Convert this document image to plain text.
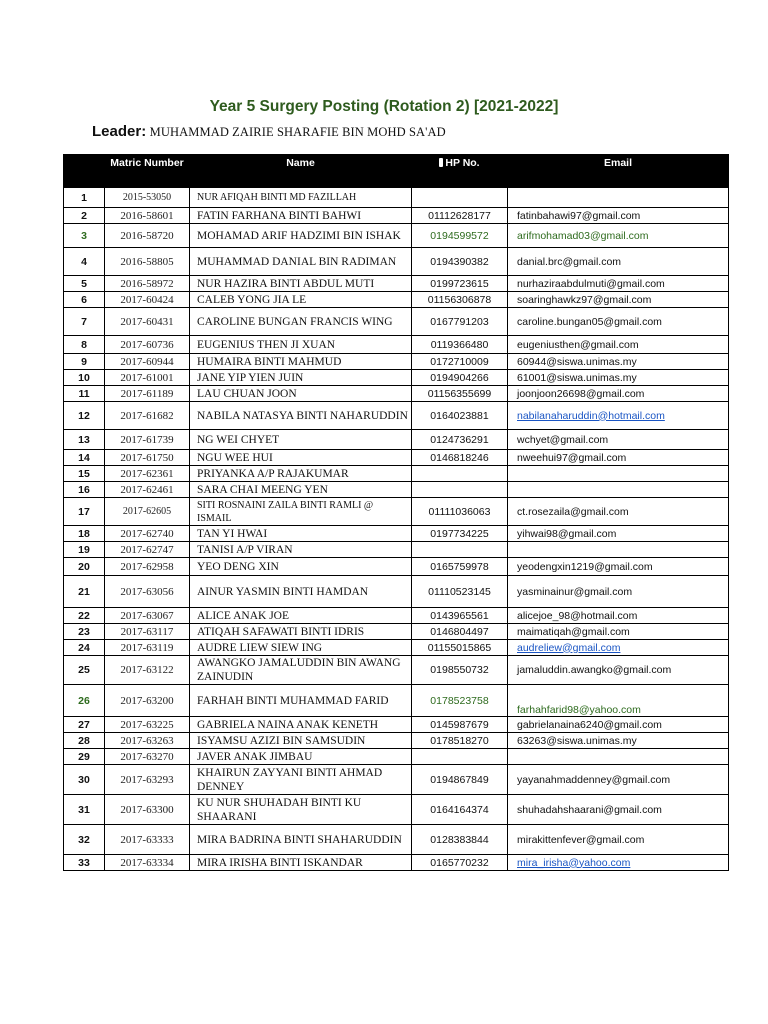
Year 5 Surgery Posting (Rotation 2) [2021-2022]
Leader: MUHAMMAD ZAIRIE SHARAFIE BIN MOHD SA'AD
	Matric Number	Name	HP No.	Email
1	2015-53050	NUR AFIQAH BINTI MD FAZILLAH		
2	2016-58601	FATIN FARHANA BINTI BAHWI	01112628177	fatinbahawi97@gmail.com
3	2016-58720	MOHAMAD ARIF HADZIMI BIN ISHAK	0194599572	arifmohamad03@gmail.com
4	2016-58805	MUHAMMAD DANIAL BIN RADIMAN	0194390382	danial.brc@gmail.com
5	2016-58972	NUR HAZIRA BINTI ABDUL MUTI	0199723615	nurhaziraabdulmuti@gmail.com
6	2017-60424	CALEB YONG JIA LE	01156306878	soaringhawkz97@gmail.com
7	2017-60431	CAROLINE BUNGAN FRANCIS WING	0167791203	caroline.bungan05@gmail.com
8	2017-60736	EUGENIUS THEN JI XUAN	0119366480	eugeniusthen@gmail.com
9	2017-60944	HUMAIRA BINTI MAHMUD	0172710009	60944@siswa.unimas.my
10	2017-61001	JANE YIP YIEN JUIN	0194904266	61001@siswa.unimas.my
11	2017-61189	LAU CHUAN JOON	01156355699	joonjoon26698@gmail.com
12	2017-61682	NABILA NATASYA BINTI NAHARUDDIN	0164023881	nabilanaharuddin@hotmail.com
13	2017-61739	NG WEI CHYET	0124736291	wchyet@gmail.com
14	2017-61750	NGU WEE HUI	0146818246	nweehui97@gmail.com
15	2017-62361	PRIYANKA A/P RAJAKUMAR		
16	2017-62461	SARA CHAI MEENG YEN		
17	2017-62605	SITI ROSNAINI ZAILA BINTI RAMLI @ ISMAIL	01111036063	ct.rosezaila@gmail.com
18	2017-62740	TAN YI HWAI	0197734225	yihwai98@gmail.com
19	2017-62747	TANISI A/P VIRAN		
20	2017-62958	YEO DENG XIN	0165759978	yeodengxin1219@gmail.com
21	2017-63056	AINUR YASMIN BINTI HAMDAN	01110523145	yasminainur@gmail.com
22	2017-63067	ALICE ANAK JOE	0143965561	alicejoe_98@hotmail.com
23	2017-63117	ATIQAH SAFAWATI BINTI IDRIS	0146804497	maimatiqah@gmail.com
24	2017-63119	AUDRE LIEW SIEW ING	01155015865	audreliew@gmail.com
25	2017-63122	AWANGKO JAMALUDDIN BIN AWANG ZAINUDIN	0198550732	jamaluddin.awangko@gmail.com
26	2017-63200	FARHAH BINTI MUHAMMAD FARID	0178523758	farhahfarid98@yahoo.com
27	2017-63225	GABRIELA NAINA ANAK KENETH	0145987679	gabrielanaina6240@gmail.com
28	2017-63263	ISYAMSU AZIZI BIN SAMSUDIN	0178518270	63263@siswa.unimas.my
29	2017-63270	JAVER ANAK JIMBAU		
30	2017-63293	KHAIRUN ZAYYANI BINTI AHMAD DENNEY	0194867849	yayanahmaddenney@gmail.com
31	2017-63300	KU NUR SHUHADAH BINTI KU SHAARANI	0164164374	shuhadahshaarani@gmail.com
32	2017-63333	MIRA BADRINA BINTI SHAHARUDDIN	0128383844	mirakittenfever@gmail.com
33	2017-63334	MIRA IRISHA BINTI ISKANDAR	0165770232	mira_irisha@yahoo.com
